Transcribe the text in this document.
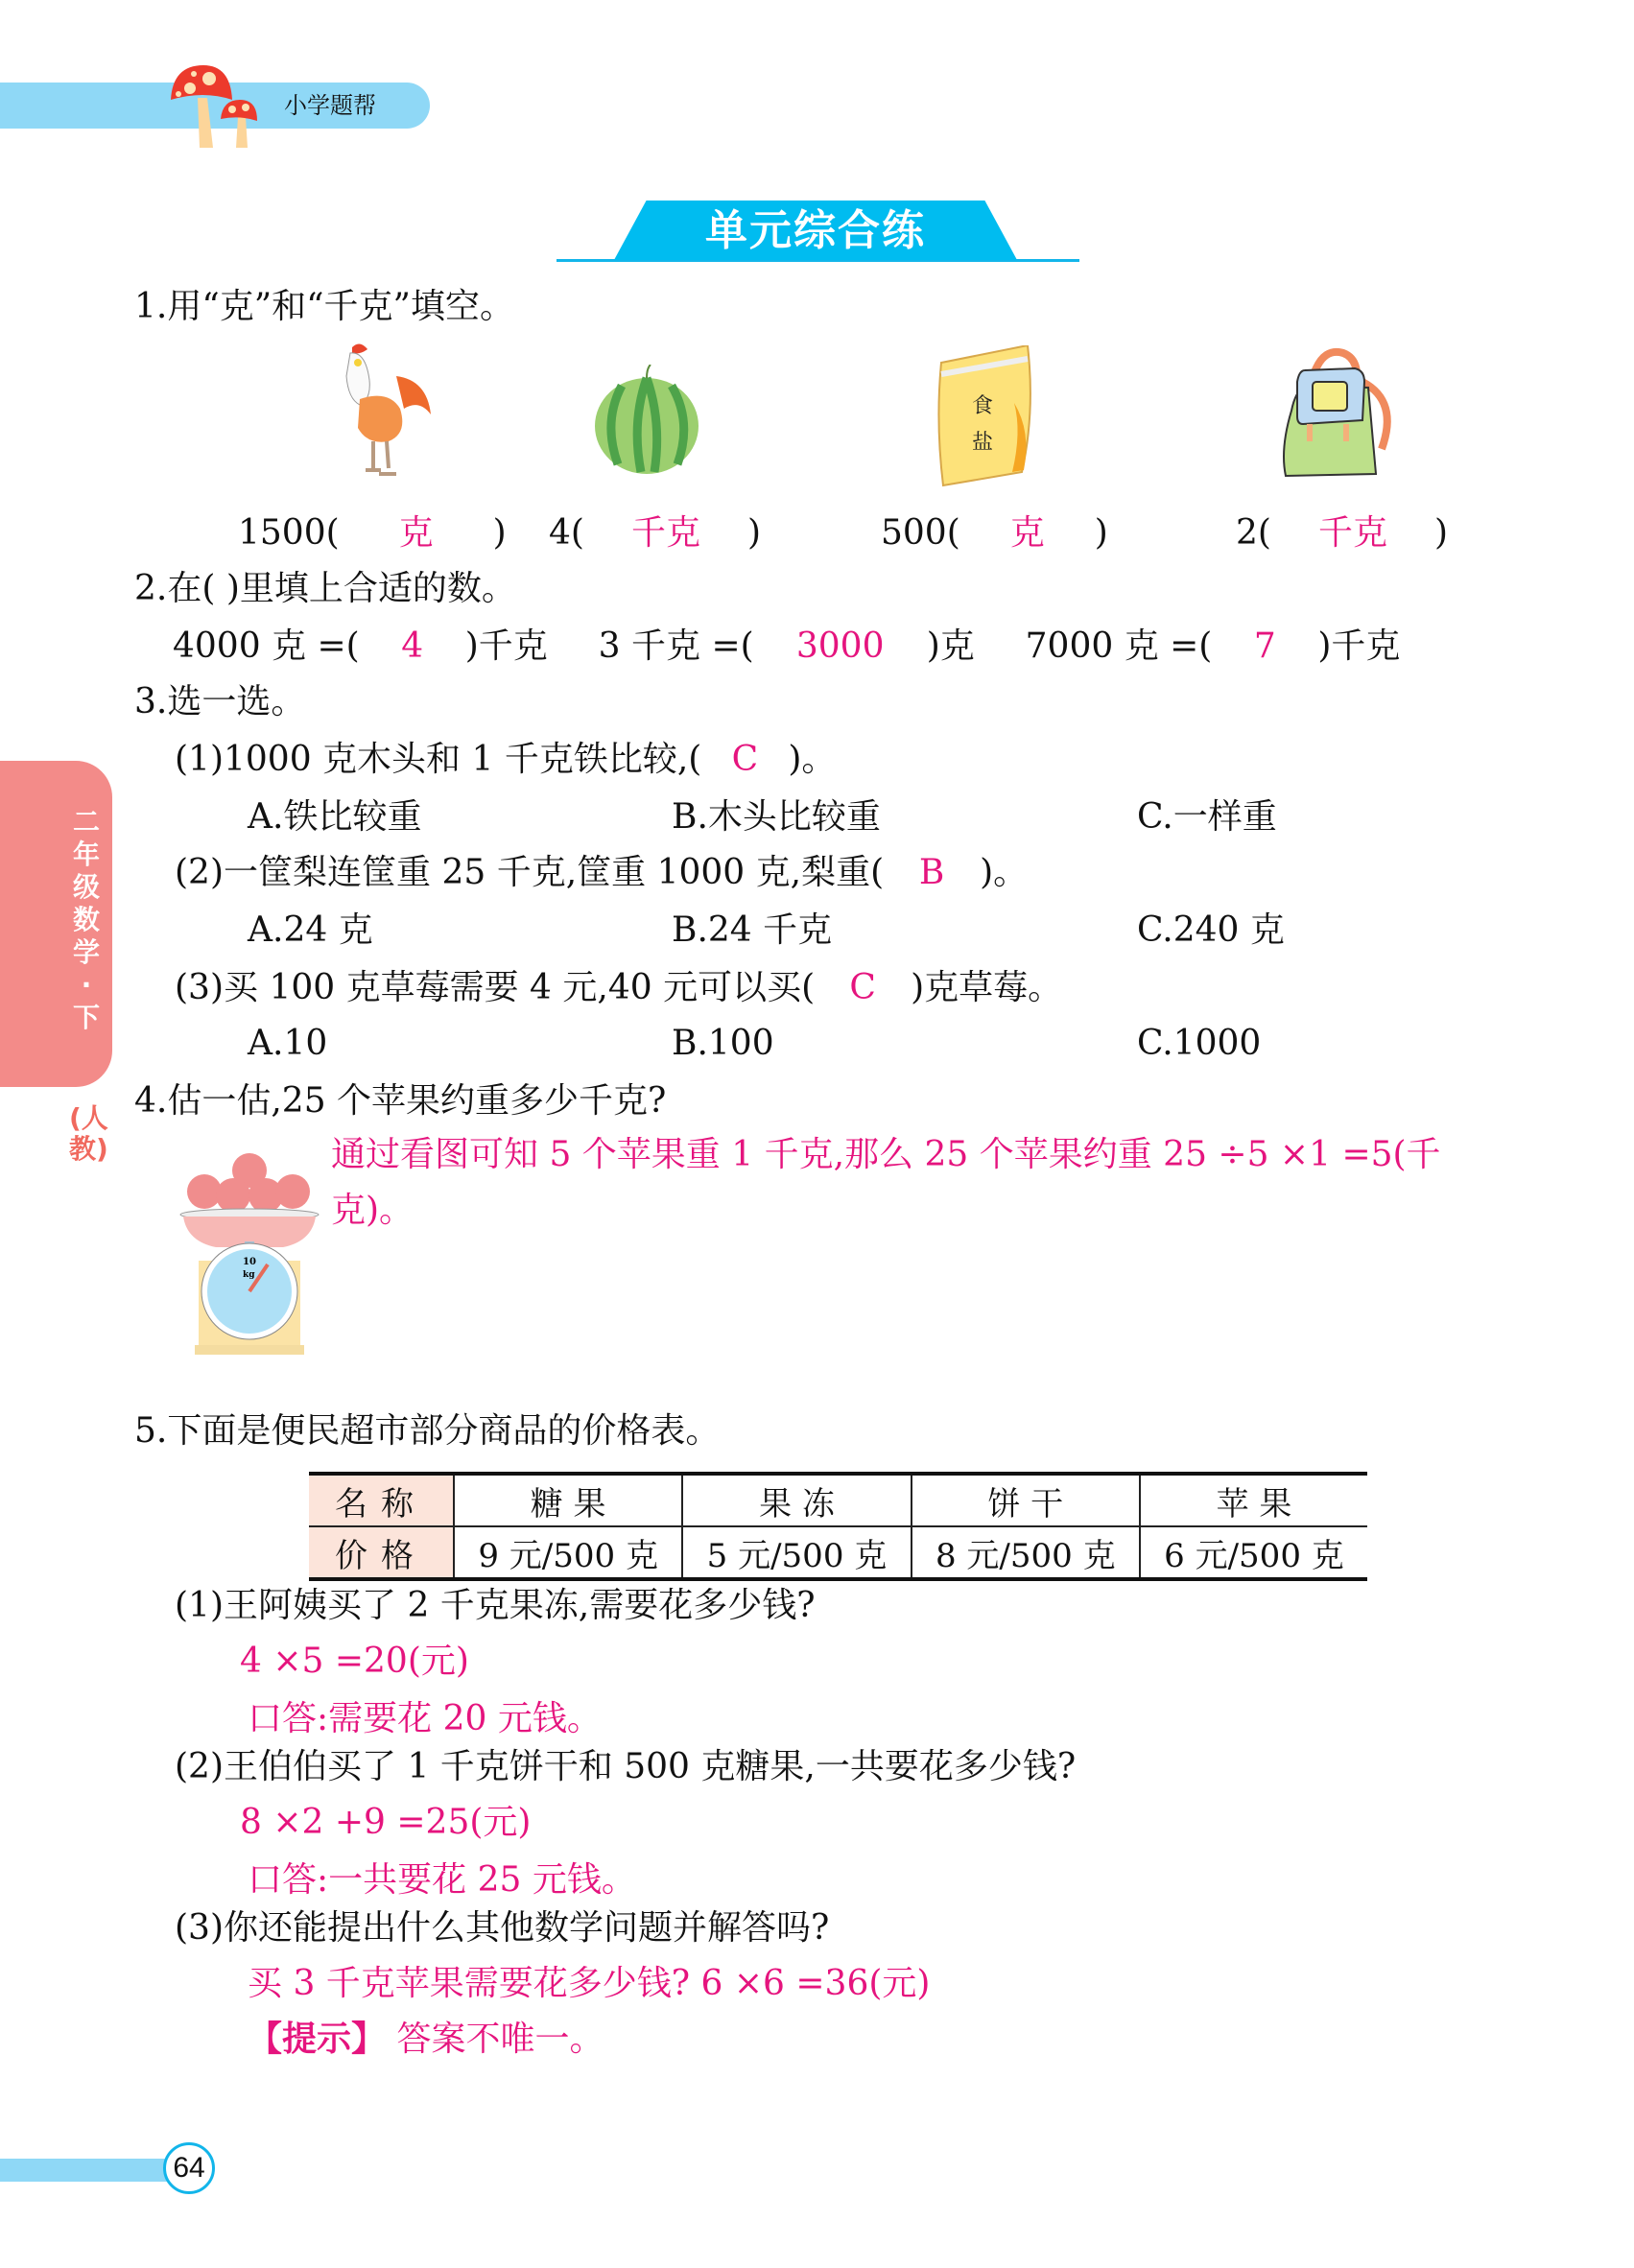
小学题帮
单元综合练
二年级数学·下
(人教)
1.用“克”和“千克”填空。
食
盐
1500( 克 ) 4( 千克 )	500( 克 )	2( 千克 )
2.在( )里填上合适的数。
4000 克 =( 4 )千克 3 千克 =( 3000 )克 7000 克 =( 7 )千克
3.选一选。
(1)1000 克木头和 1 千克铁比较,( C )。
A.铁比较重	B.木头比较重	C.一样重
(2)一筐梨连筐重 25 千克,筐重 1000 克,梨重( B )。
A.24 克	B.24 千克	C.240 克
(3)买 100 克草莓需要 4 元,40 元可以买( C )克草莓。
A.10	B.100	C.1000
4.估一估,25 个苹果约重多少千克?
10
kg
通过看图可知 5 个苹果重 1 千克,那么 25 个苹果约重 25 ÷5 ×1 =5(千
克)。
5.下面是便民超市部分商品的价格表。
名称	糖 果	果 冻	饼 干	苹 果
价格	9 元/500 克	5 元/500 克	8 元/500 克	6 元/500 克
(1)王阿姨买了 2 千克果冻,需要花多少钱?
4 ×5 =20(元)
口答:需要花 20 元钱。
(2)王伯伯买了 1 千克饼干和 500 克糖果,一共要花多少钱?
8 ×2 +9 =25(元)
口答:一共要花 25 元钱。
(3)你还能提出什么其他数学问题并解答吗?
买 3 千克苹果需要花多少钱? 6 ×6 =36(元)
【提示】 答案不唯一。
64
